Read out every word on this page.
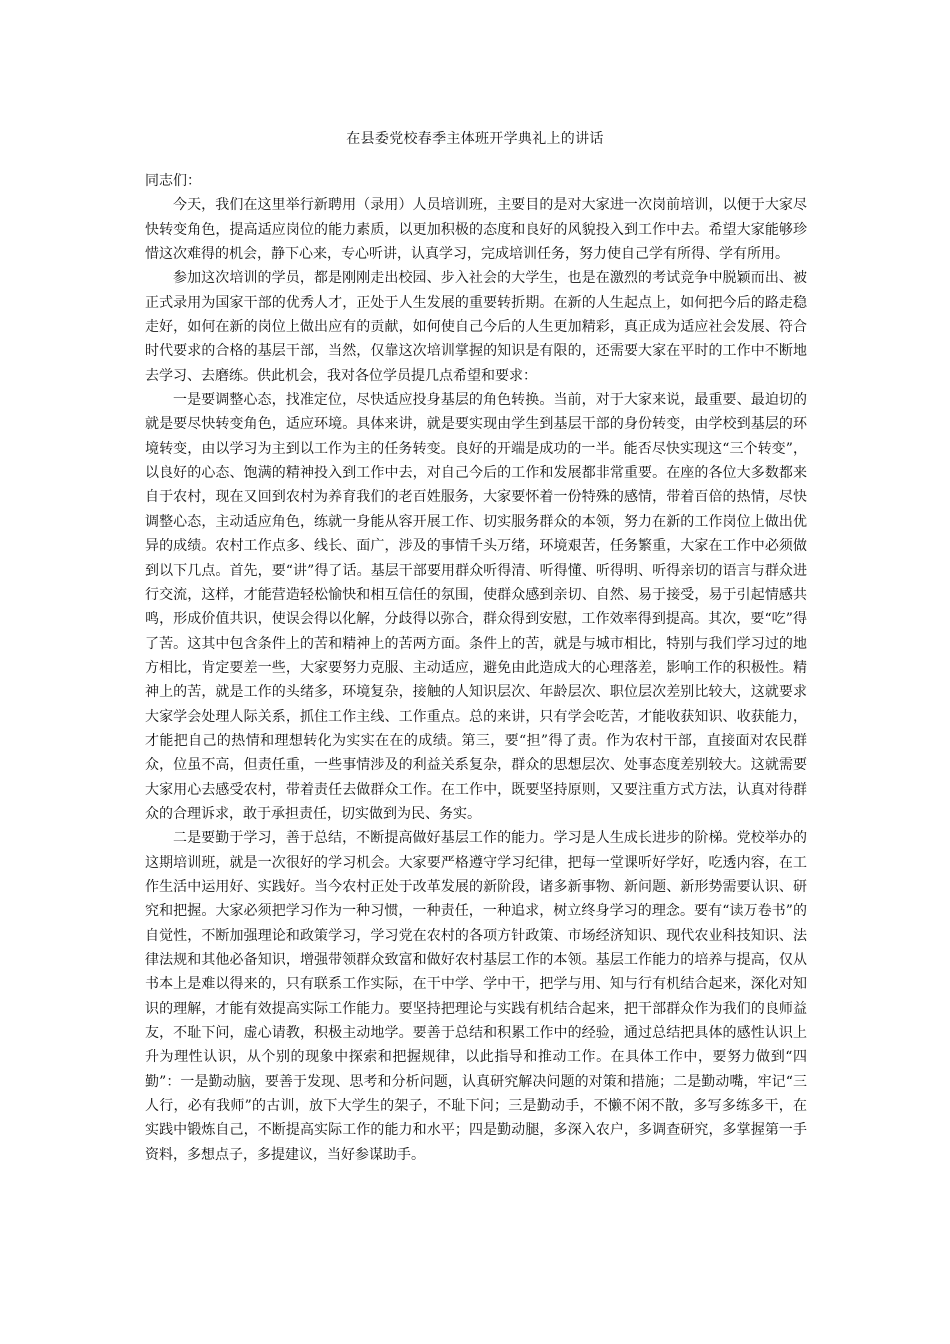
在县委党校春季主体班开学典礼上的讲话

同志们：

今天，我们在这里举行新聘用（录用）人员培训班，主要目的是对大家进一次岗前培训，以便于大家尽快转变角色，提高适应岗位的能力素质，以更加积极的态度和良好的风貌投入到工作中去。希望大家能够珍惜这次难得的机会，静下心来，专心听讲，认真学习，完成培训任务，努力使自己学有所得、学有所用。

参加这次培训的学员，都是刚刚走出校园、步入社会的大学生，也是在激烈的考试竞争中脱颖而出、被正式录用为国家干部的优秀人才，正处于人生发展的重要转折期。在新的人生起点上，如何把今后的路走稳走好，如何在新的岗位上做出应有的贡献，如何使自己今后的人生更加精彩，真正成为适应社会发展、符合时代要求的合格的基层干部，当然，仅靠这次培训掌握的知识是有限的，还需要大家在平时的工作中不断地去学习、去磨练。供此机会，我对各位学员提几点希望和要求：

一是要调整心态，找准定位，尽快适应投身基层的角色转换。当前，对于大家来说，最重要、最迫切的就是要尽快转变角色，适应环境。具体来讲，就是要实现由学生到基层干部的身份转变，由学校到基层的环境转变，由以学习为主到以工作为主的任务转变。良好的开端是成功的一半。能否尽快实现这“三个转变”，以良好的心态、饱满的精神投入到工作中去，对自己今后的工作和发展都非常重要。在座的各位大多数都来自于农村，现在又回到农村为养育我们的老百姓服务，大家要怀着一份特殊的感情，带着百倍的热情，尽快调整心态，主动适应角色，练就一身能从容开展工作、切实服务群众的本领，努力在新的工作岗位上做出优异的成绩。农村工作点多、线长、面广，涉及的事情千头万绪，环境艰苦，任务繁重，大家在工作中必须做到以下几点。首先，要“讲”得了话。基层干部要用群众听得清、听得懂、听得明、听得亲切的语言与群众进行交流，这样，才能营造轻松愉快和相互信任的氛围，使群众感到亲切、自然、易于接受，易于引起情感共鸣，形成价值共识，使误会得以化解，分歧得以弥合，群众得到安慰，工作效率得到提高。其次，要“吃”得了苦。这其中包含条件上的苦和精神上的苦两方面。条件上的苦，就是与城市相比，特别与我们学习过的地方相比，肯定要差一些，大家要努力克服、主动适应，避免由此造成大的心理落差，影响工作的积极性。精神上的苦，就是工作的头绪多，环境复杂，接触的人知识层次、年龄层次、职位层次差别比较大，这就要求大家学会处理人际关系，抓住工作主线、工作重点。总的来讲，只有学会吃苦，才能收获知识、收获能力，才能把自己的热情和理想转化为实实在在的成绩。第三，要“担”得了责。作为农村干部，直接面对农民群众，位虽不高，但责任重，一些事情涉及的利益关系复杂，群众的思想层次、处事态度差别较大。这就需要大家用心去感受农村，带着责任去做群众工作。在工作中，既要坚持原则，又要注重方式方法，认真对待群众的合理诉求，敢于承担责任，切实做到为民、务实。

二是要勤于学习，善于总结，不断提高做好基层工作的能力。学习是人生成长进步的阶梯。党校举办的这期培训班，就是一次很好的学习机会。大家要严格遵守学习纪律，把每一堂课听好学好，吃透内容，在工作生活中运用好、实践好。当今农村正处于改革发展的新阶段，诸多新事物、新问题、新形势需要认识、研究和把握。大家必须把学习作为一种习惯，一种责任，一种追求，树立终身学习的理念。要有“读万卷书”的自觉性，不断加强理论和政策学习，学习党在农村的各项方针政策、市场经济知识、现代农业科技知识、法律法规和其他必备知识，增强带领群众致富和做好农村基层工作的本领。基层工作能力的培养与提高，仅从书本上是难以得来的，只有联系工作实际，在干中学、学中干，把学与用、知与行有机结合起来，深化对知识的理解，才能有效提高实际工作能力。要坚持把理论与实践有机结合起来，把干部群众作为我们的良师益友，不耻下问，虚心请教，积极主动地学。要善于总结和积累工作中的经验，通过总结把具体的感性认识上升为理性认识，从个别的现象中探索和把握规律，以此指导和推动工作。在具体工作中，要努力做到“四勤”：一是勤动脑，要善于发现、思考和分析问题，认真研究解决问题的对策和措施；二是勤动嘴，牢记“三人行，必有我师”的古训，放下大学生的架子，不耻下问；三是勤动手，不懒不闲不散，多写多练多干，在实践中锻炼自己，不断提高实际工作的能力和水平；四是勤动腿，多深入农户，多调查研究，多掌握第一手资料，多想点子，多提建议，当好参谋助手。
